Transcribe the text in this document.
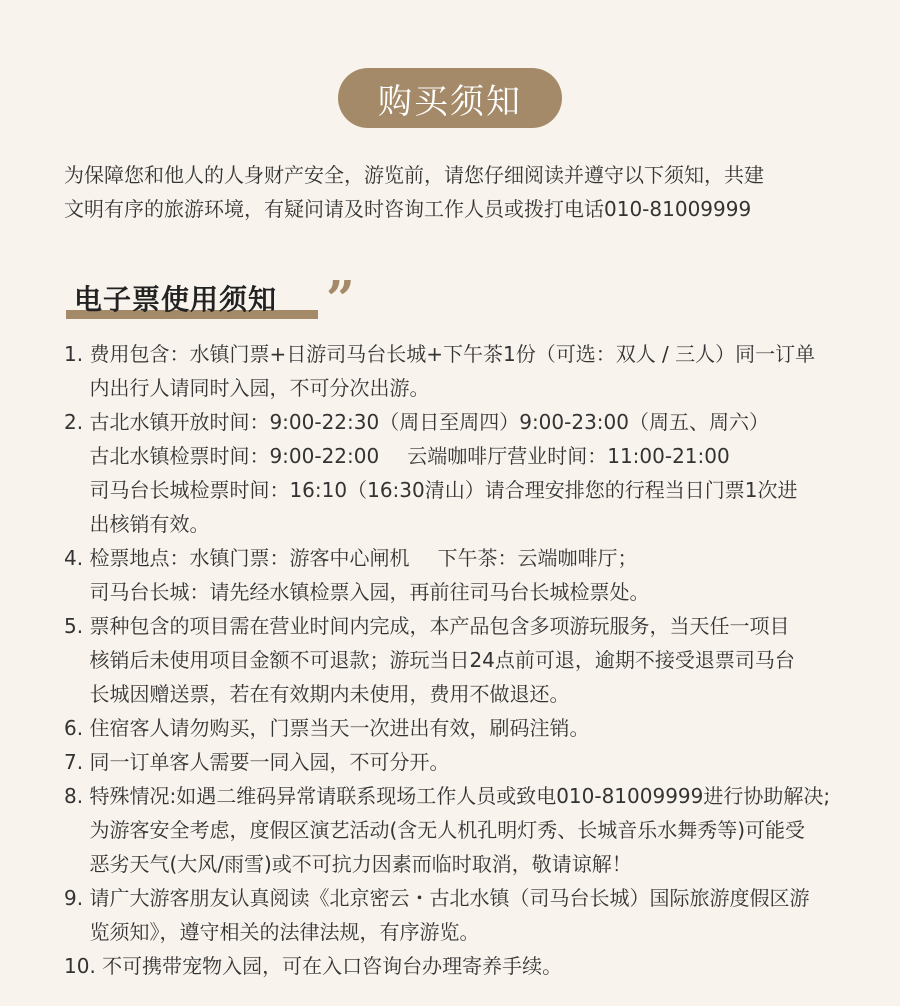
购买须知

为保障您和他人的人身财产安全，游览前，请您仔细阅读并遵守以下须知，共建

文明有序的旅游环境，有疑问请及时咨询工作人员或拨打电话010-81009999

电子票使用须知 ”
1. 费用包含：水镇门票+日游司马台长城+下午茶1份（可选：双人 / 三人）同一订单
内出行人请同时入园，不可分次出游。
2. 古北水镇开放时间：9:00-22:30（周日至周四）9:00-23:00（周五、周六）
古北水镇检票时间：9:00-22:00 云端咖啡厅营业时间：11:00-21:00
司马台长城检票时间：16:10（16:30清山）请合理安排您的行程当日门票1次进
出核销有效。
4. 检票地点：水镇门票：游客中心闸机 下午茶：云端咖啡厅；
司马台长城：请先经水镇检票入园，再前往司马台长城检票处。
5. 票种包含的项目需在营业时间内完成，本产品包含多项游玩服务，当天任一项目
核销后未使用项目金额不可退款；游玩当日24点前可退，逾期不接受退票司马台
长城因赠送票，若在有效期内未使用，费用不做退还。
6. 住宿客人请勿购买，门票当天一次进出有效，刷码注销。
7. 同一订单客人需要一同入园，不可分开。
8. 特殊情况:如遇二维码异常请联系现场工作人员或致电010-81009999进行协助解决;
为游客安全考虑，度假区演艺活动(含无人机孔明灯秀、长城音乐水舞秀等)可能受
恶劣天气(大风/雨雪)或不可抗力因素而临时取消，敬请谅解！
9. 请广大游客朋友认真阅读《北京密云・古北水镇（司马台长城）国际旅游度假区游
览须知》，遵守相关的法律法规，有序游览。
10. 不可携带宠物入园，可在入口咨询台办理寄养手续。
